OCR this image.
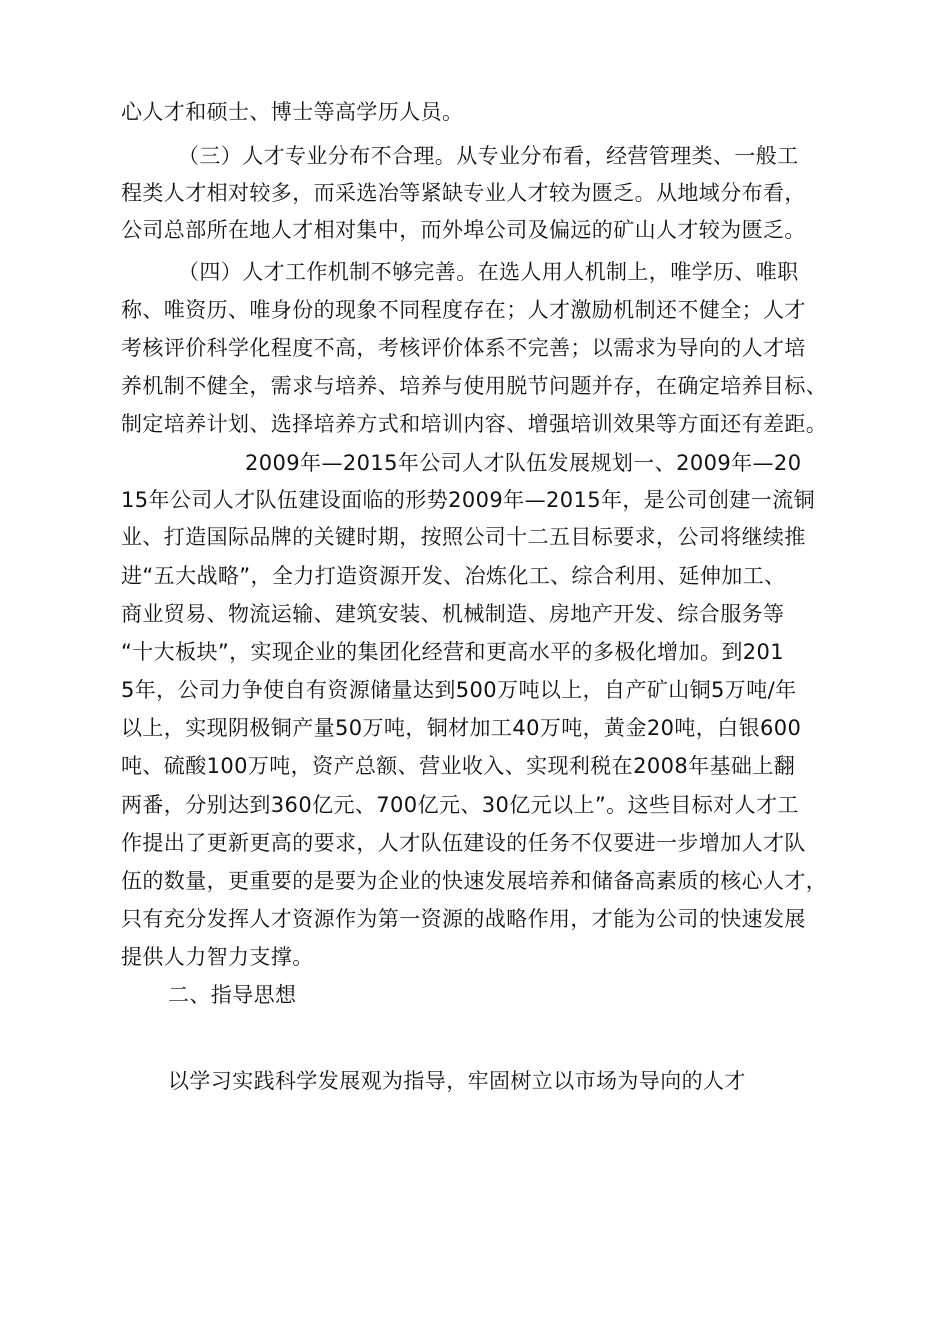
心人才和硕士、博士等高学历人员。
（三）人才专业分布不合理。从专业分布看，经营管理类、一般工
程类人才相对较多，而采选冶等紧缺专业人才较为匮乏。从地域分布看，
公司总部所在地人才相对集中，而外埠公司及偏远的矿山人才较为匮乏。
（四）人才工作机制不够完善。在选人用人机制上，唯学历、唯职
称、唯资历、唯身份的现象不同程度存在；人才激励机制还不健全；人才
考核评价科学化程度不高，考核评价体系不完善；以需求为导向的人才培
养机制不健全，需求与培养、培养与使用脱节问题并存，在确定培养目标、
制定培养计划、选择培养方式和培训内容、增强培训效果等方面还有差距。
2009年—2015年公司人才队伍发展规划一、2009年—20
15年公司人才队伍建设面临的形势2009年—2015年，是公司创建一流铜
业、打造国际品牌的关键时期，按照公司十二五目标要求，公司将继续推
进“五大战略”，全力打造资源开发、冶炼化工、综合利用、延伸加工、
商业贸易、物流运输、建筑安装、机械制造、房地产开发、综合服务等
“十大板块”，实现企业的集团化经营和更高水平的多极化增加。到201
5年，公司力争使自有资源储量达到500万吨以上，自产矿山铜5万吨/年
以上，实现阴极铜产量50万吨，铜材加工40万吨，黄金20吨，白银600
吨、硫酸100万吨，资产总额、营业收入、实现利税在2008年基础上翻
两番，分别达到360亿元、700亿元、30亿元以上”。这些目标对人才工
作提出了更新更高的要求，人才队伍建设的任务不仅要进一步增加人才队
伍的数量，更重要的是要为企业的快速发展培养和储备高素质的核心人才，
只有充分发挥人才资源作为第一资源的战略作用，才能为公司的快速发展
提供人力智力支撑。
二、指导思想
以学习实践科学发展观为指导，牢固树立以市场为导向的人才
